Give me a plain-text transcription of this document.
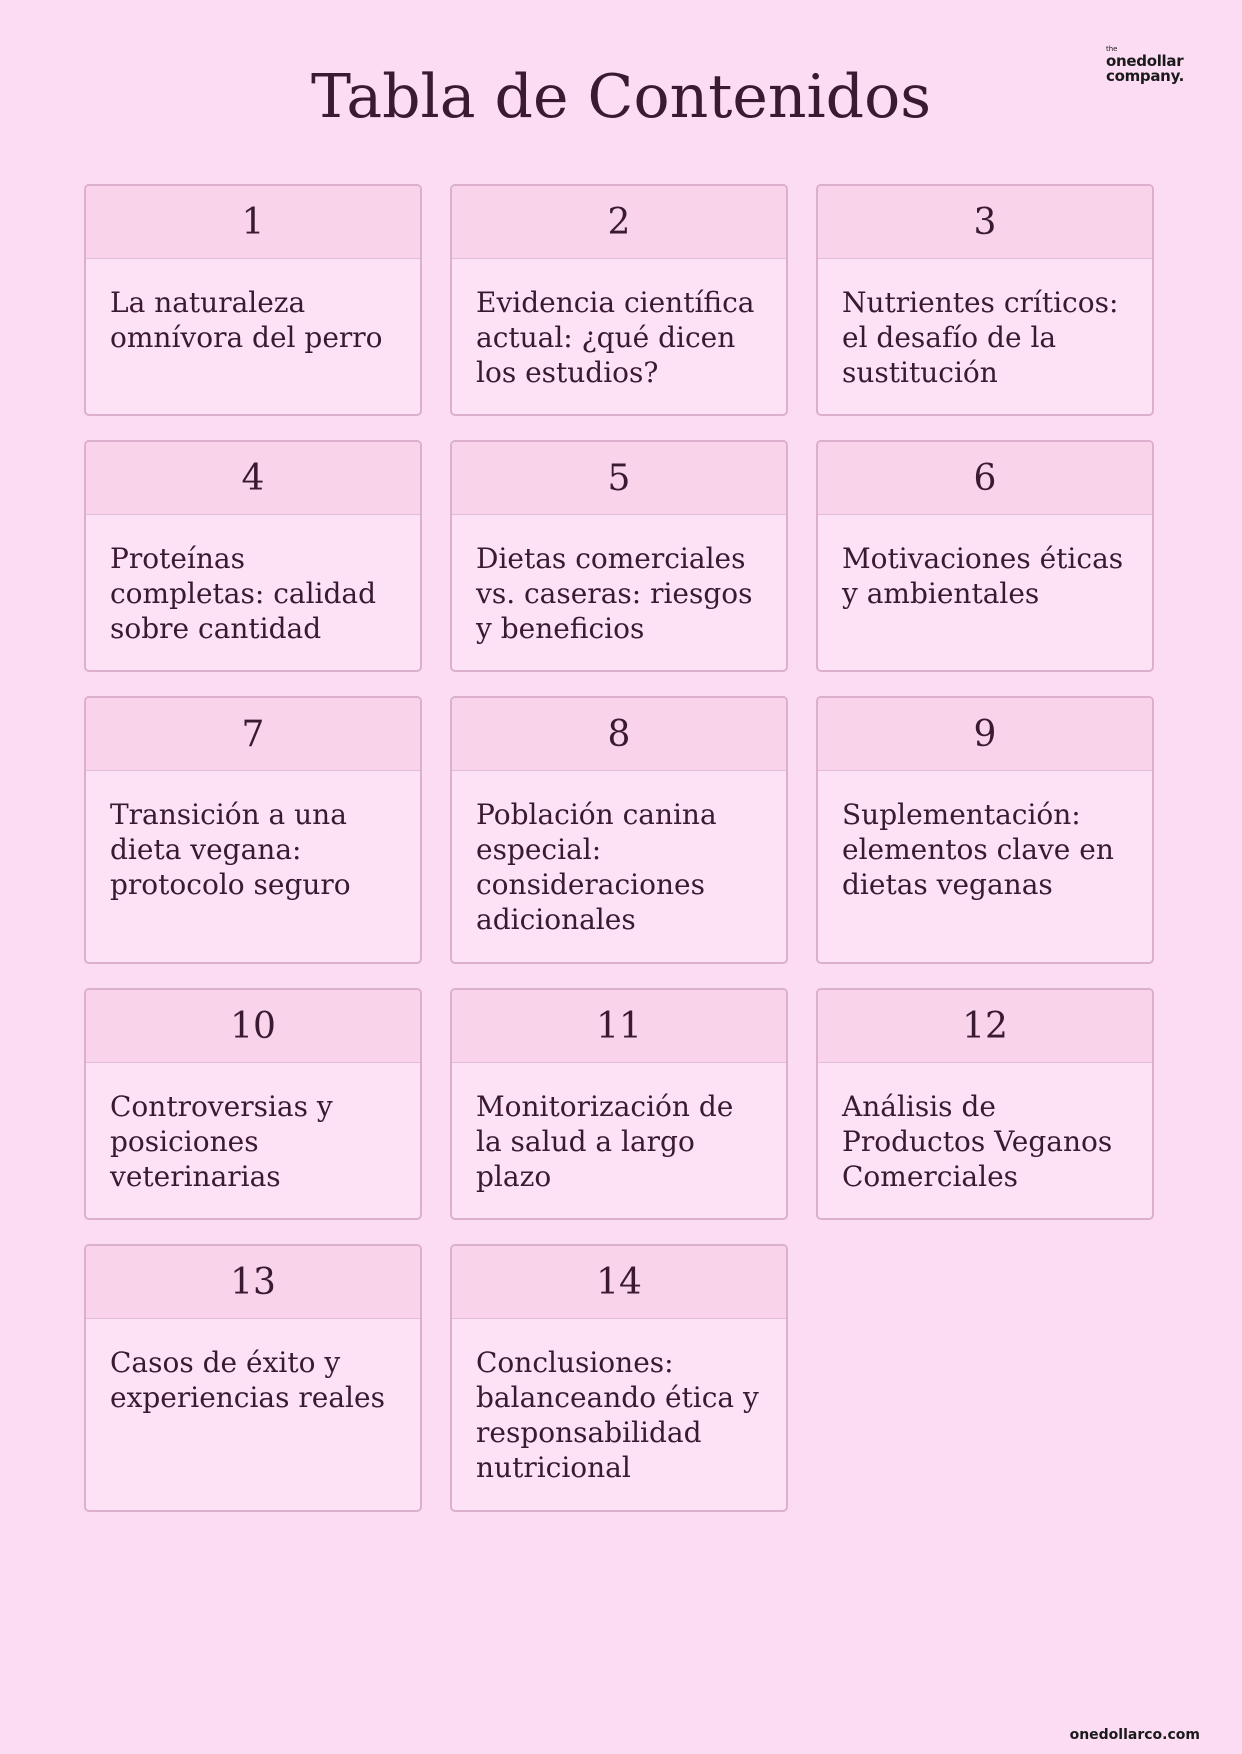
the
onedollar
company.
Tabla de Contenidos
1
La naturaleza omnívora del perro
2
Evidencia científica actual: ¿qué dicen los estudios?
3
Nutrientes críticos: el desafío de la sustitución
4
Proteínas completas: calidad sobre cantidad
5
Dietas comerciales vs. caseras: riesgos y beneficios
6
Motivaciones éticas y ambientales
7
Transición a una dieta vegana: protocolo seguro
8
Población canina especial: consideraciones adicionales
9
Suplementación: elementos clave en dietas veganas
10
Controversias y posiciones veterinarias
11
Monitorización de la salud a largo plazo
12
Análisis de Productos Veganos Comerciales
13
Casos de éxito y experiencias reales
14
Conclusiones: balanceando ética y responsabilidad nutricional
onedollarco.com
